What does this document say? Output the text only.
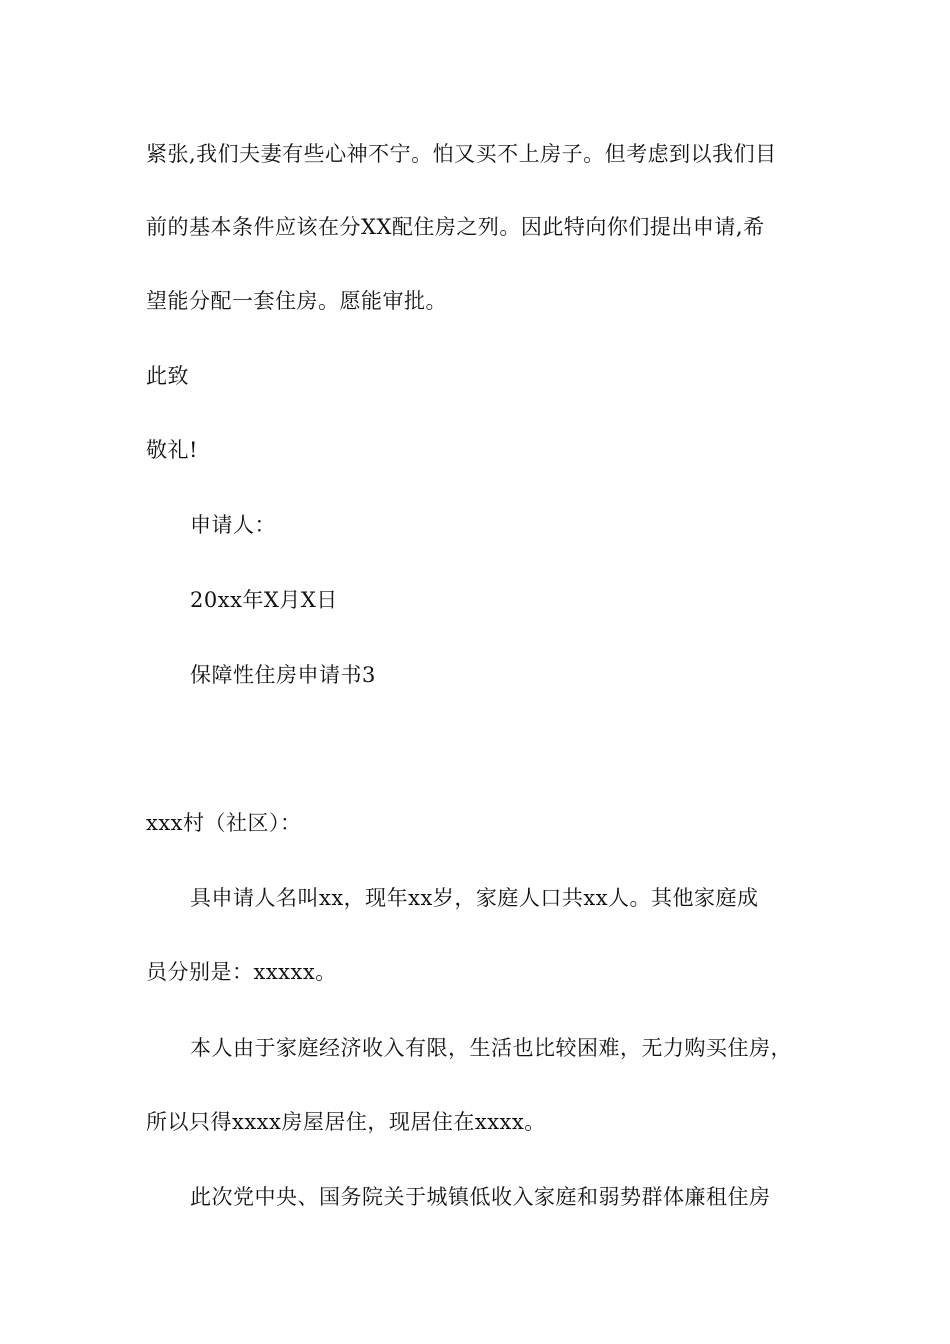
紧张,我们夫妻有些心神不宁。怕又买不上房子。但考虑到以我们目
前的基本条件应该在分XX配住房之列。因此特向你们提出申请,希
望能分配一套住房。愿能审批。
此致
敬礼!
申请人：
20xx年X月X日
保障性住房申请书3
xxx村（社区）：
具申请人名叫xx，现年xx岁，家庭人口共xx人。其他家庭成
员分别是：xxxxx。
本人由于家庭经济收入有限，生活也比较困难，无力购买住房，
所以只得xxxx房屋居住，现居住在xxxx。
此次党中央、国务院关于城镇低收入家庭和弱势群体廉租住房
